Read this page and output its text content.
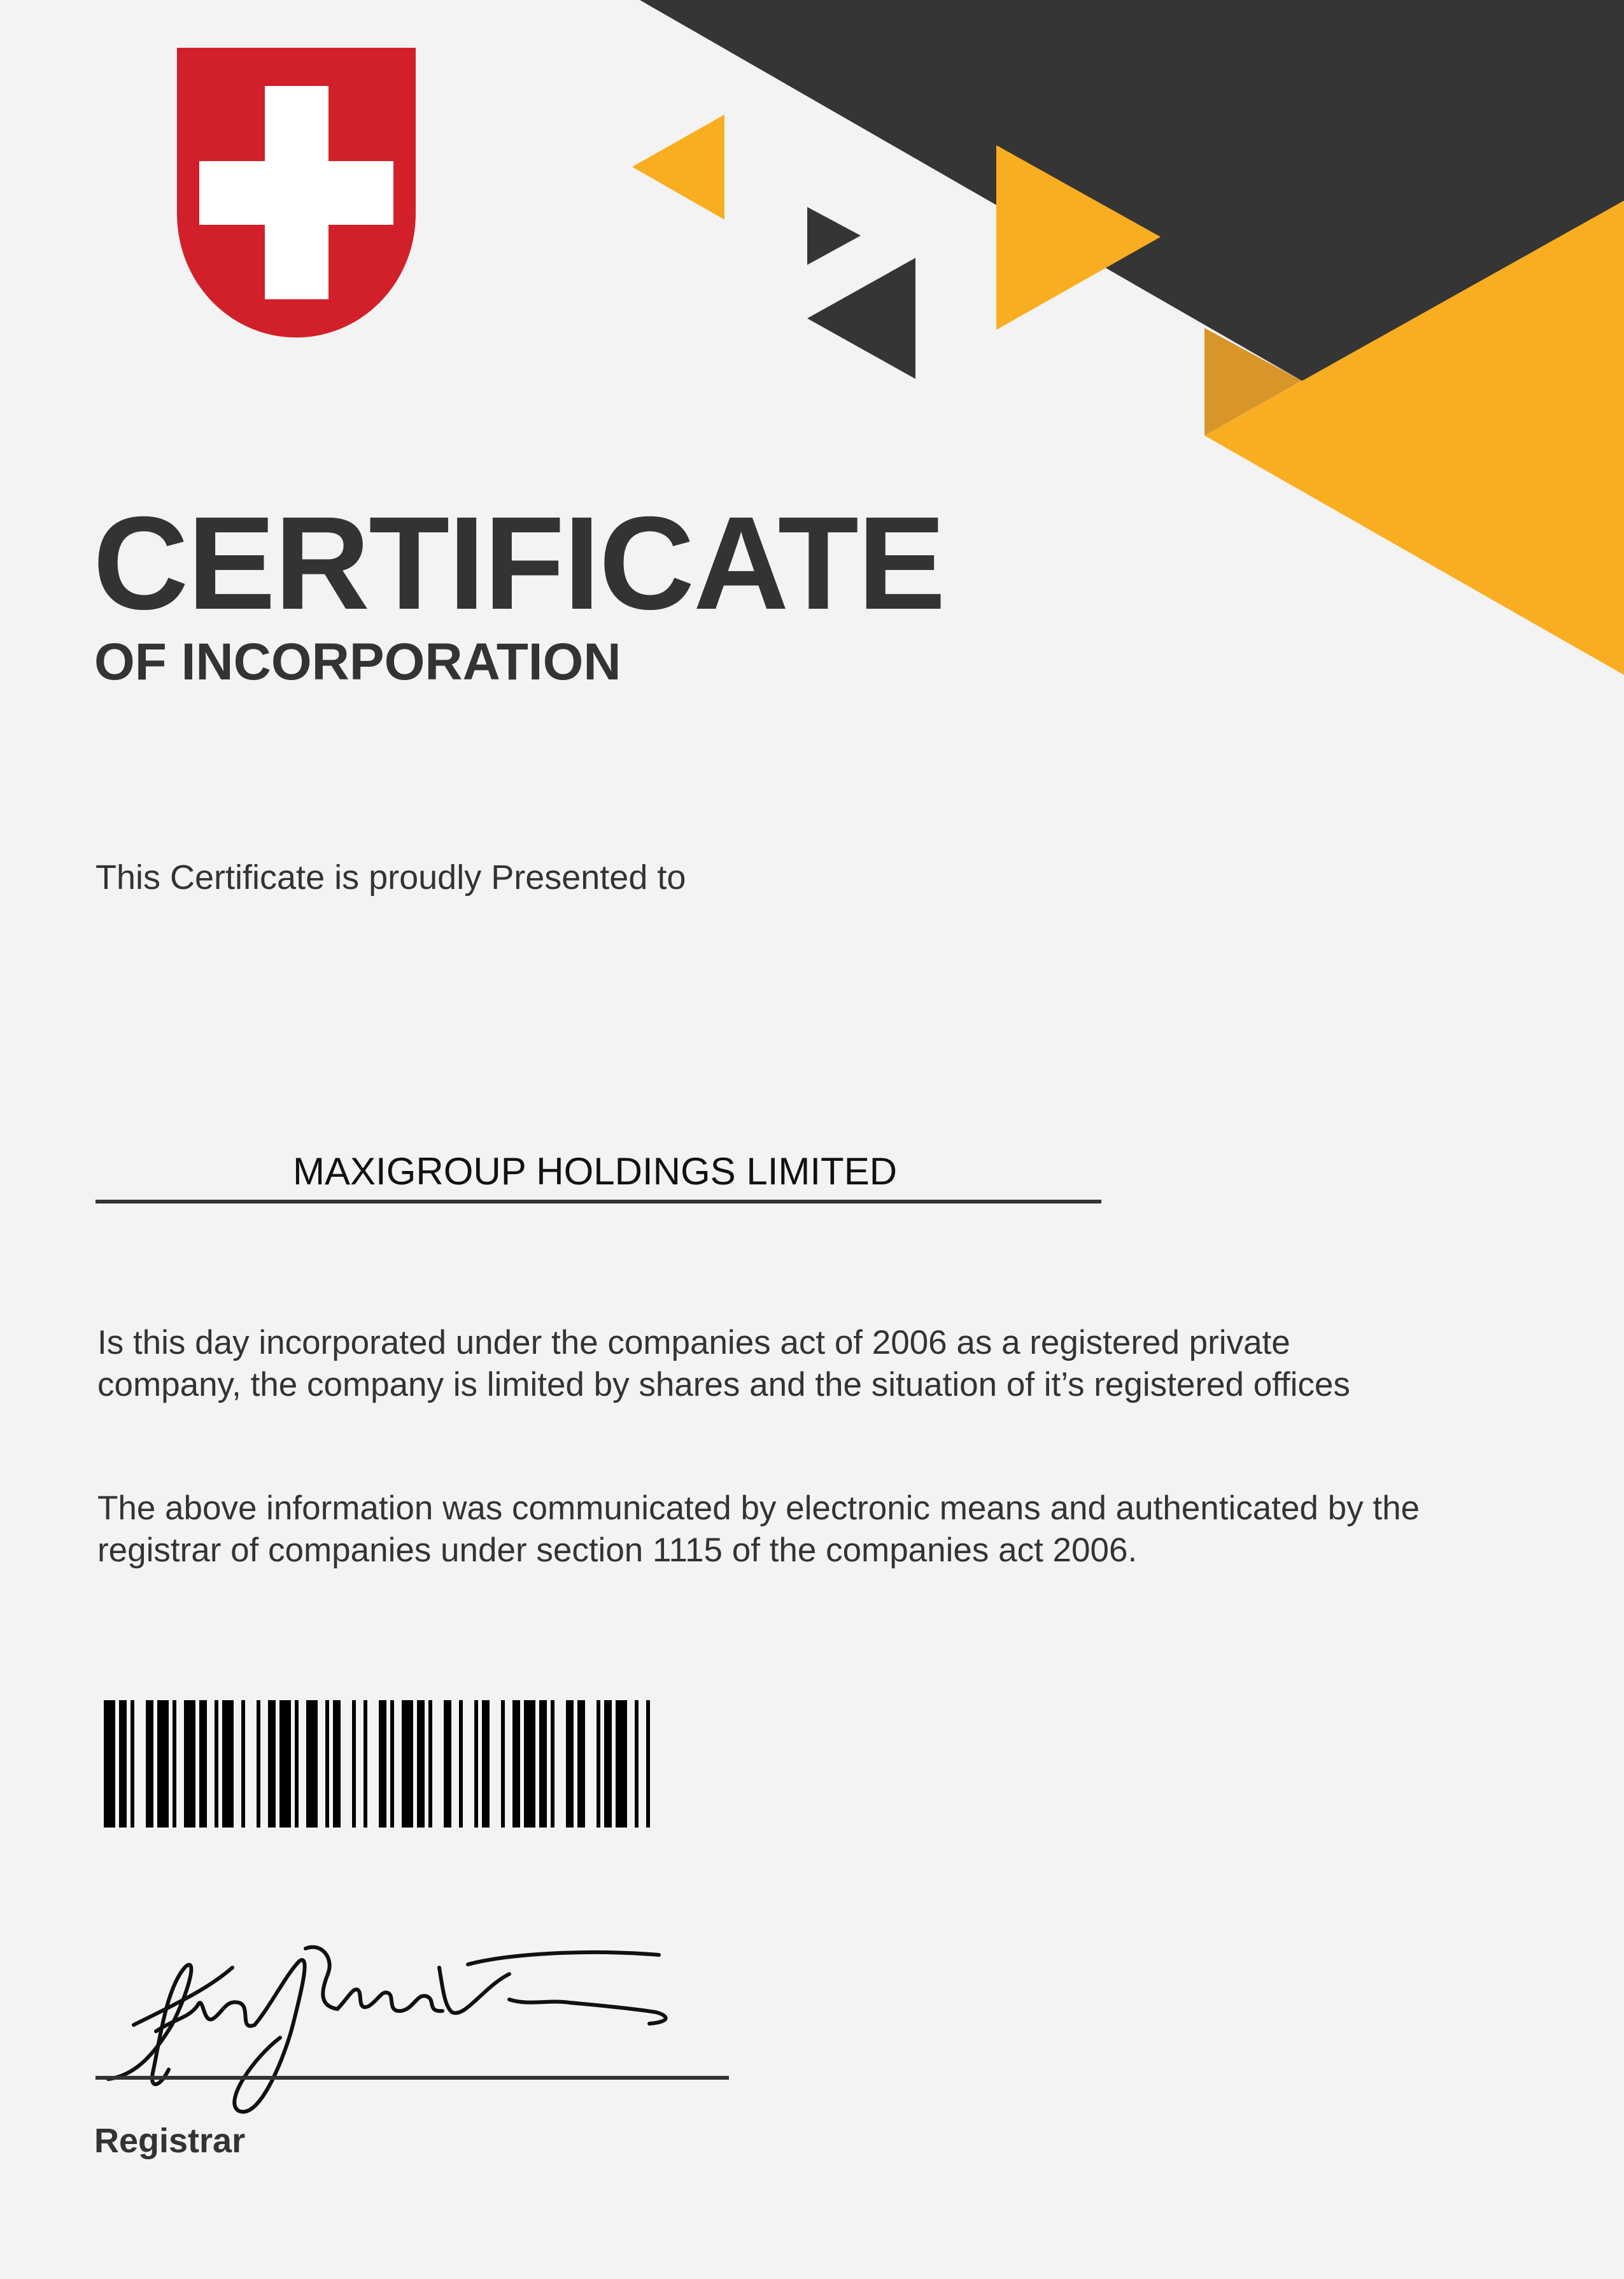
CERTIFICATE
OF INCORPORATION
This Certificate is proudly Presented to
MAXIGROUP HOLDINGS LIMITED

Is this day incorporated under the companies act of 2006 as a registered private company, the company is limited by shares and the situation of it’s registered offices

The above information was communicated by electronic means and authenticated by the registrar of companies under section 1115 of the companies act 2006.

Registrar
